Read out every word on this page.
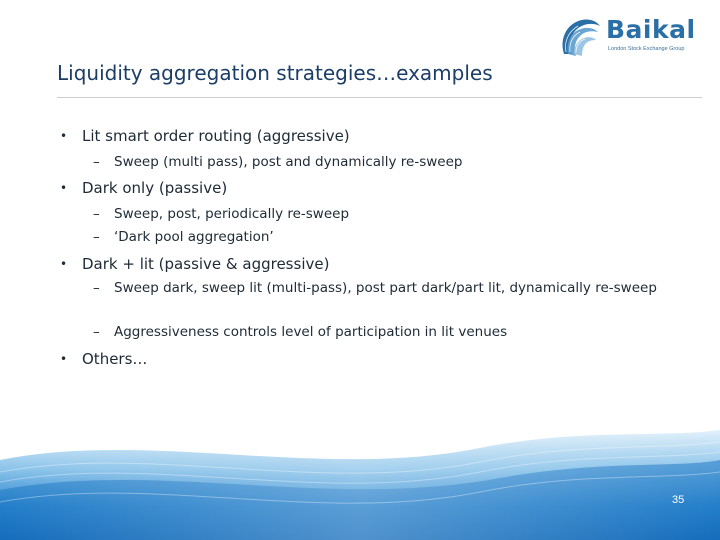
Baikal
London Stock Exchange Group
Liquidity aggregation strategies…examples
• Lit smart order routing (aggressive)
– Sweep (multi pass), post and dynamically re-sweep
• Dark only (passive)
– Sweep, post, periodically re-sweep
– ‘Dark pool aggregation’
• Dark + lit (passive & aggressive)
– Sweep dark, sweep lit (multi-pass), post part dark/part lit, dynamically re-sweep
– Aggressiveness controls level of participation in lit venues
• Others…
35
